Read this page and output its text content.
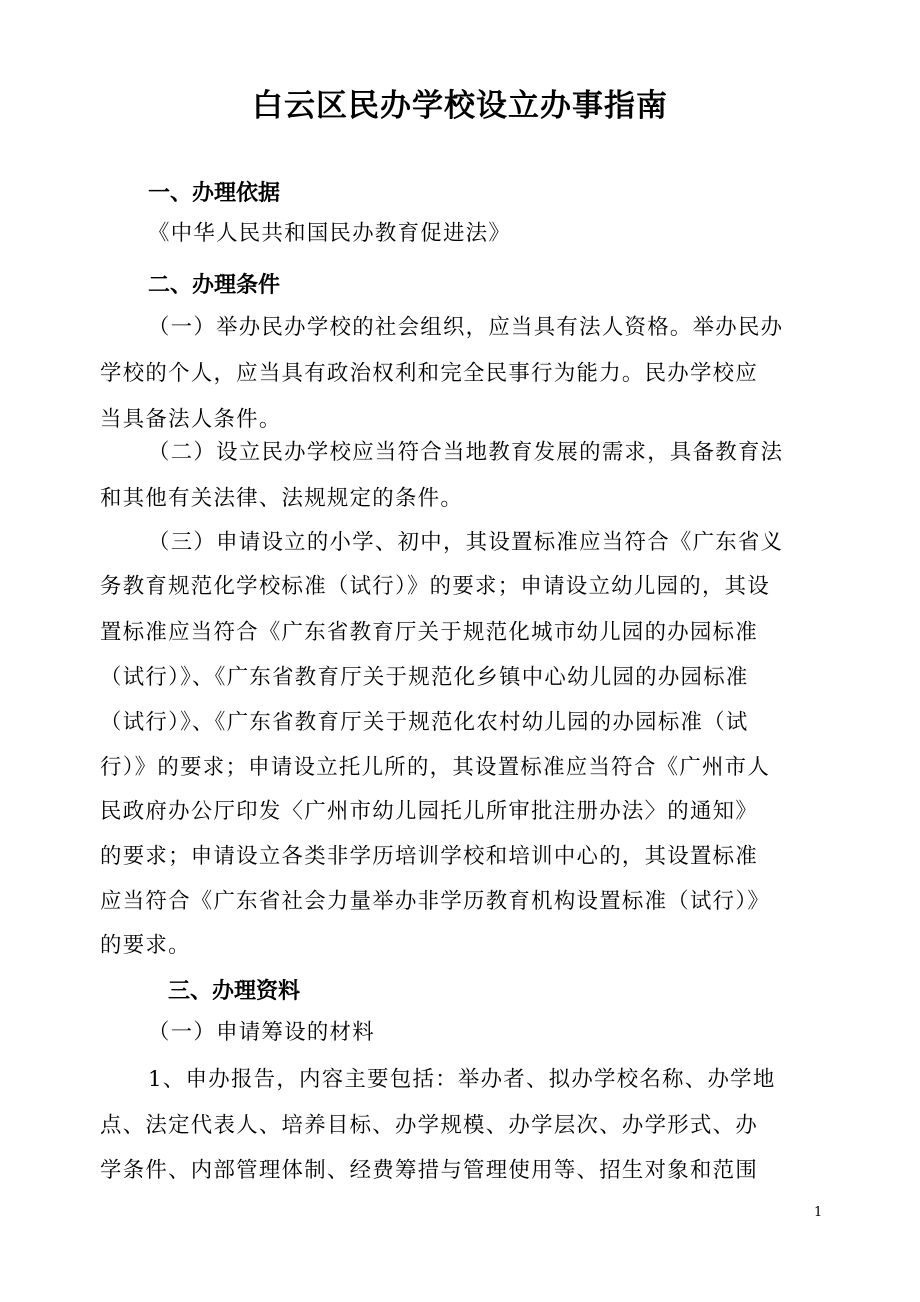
白云区民办学校设立办事指南
一、办理依据
《中华人民共和国民办教育促进法》
二、办理条件
（一）举办民办学校的社会组织，应当具有法人资格。举办民办
学校的个人，应当具有政治权利和完全民事行为能力。民办学校应
当具备法人条件。
（二）设立民办学校应当符合当地教育发展的需求，具备教育法
和其他有关法律、法规规定的条件。
（三）申请设立的小学、初中，其设置标准应当符合《广东省义
务教育规范化学校标准（试行）》的要求；申请设立幼儿园的，其设
置标准应当符合《广东省教育厅关于规范化城市幼儿园的办园标准
（试行）》、《广东省教育厅关于规范化乡镇中心幼儿园的办园标准
（试行）》、《广东省教育厅关于规范化农村幼儿园的办园标准（试
行）》的要求；申请设立托儿所的，其设置标准应当符合《广州市人
民政府办公厅印发〈广州市幼儿园托儿所审批注册办法〉的通知》
的要求；申请设立各类非学历培训学校和培训中心的，其设置标准
应当符合《广东省社会力量举办非学历教育机构设置标准（试行）》
的要求。
三、办理资料
（一）申请筹设的材料
1、申办报告，内容主要包括：举办者、拟办学校名称、办学地
点、法定代表人、培养目标、办学规模、办学层次、办学形式、办
学条件、内部管理体制、经费筹措与管理使用等、招生对象和范围
1
